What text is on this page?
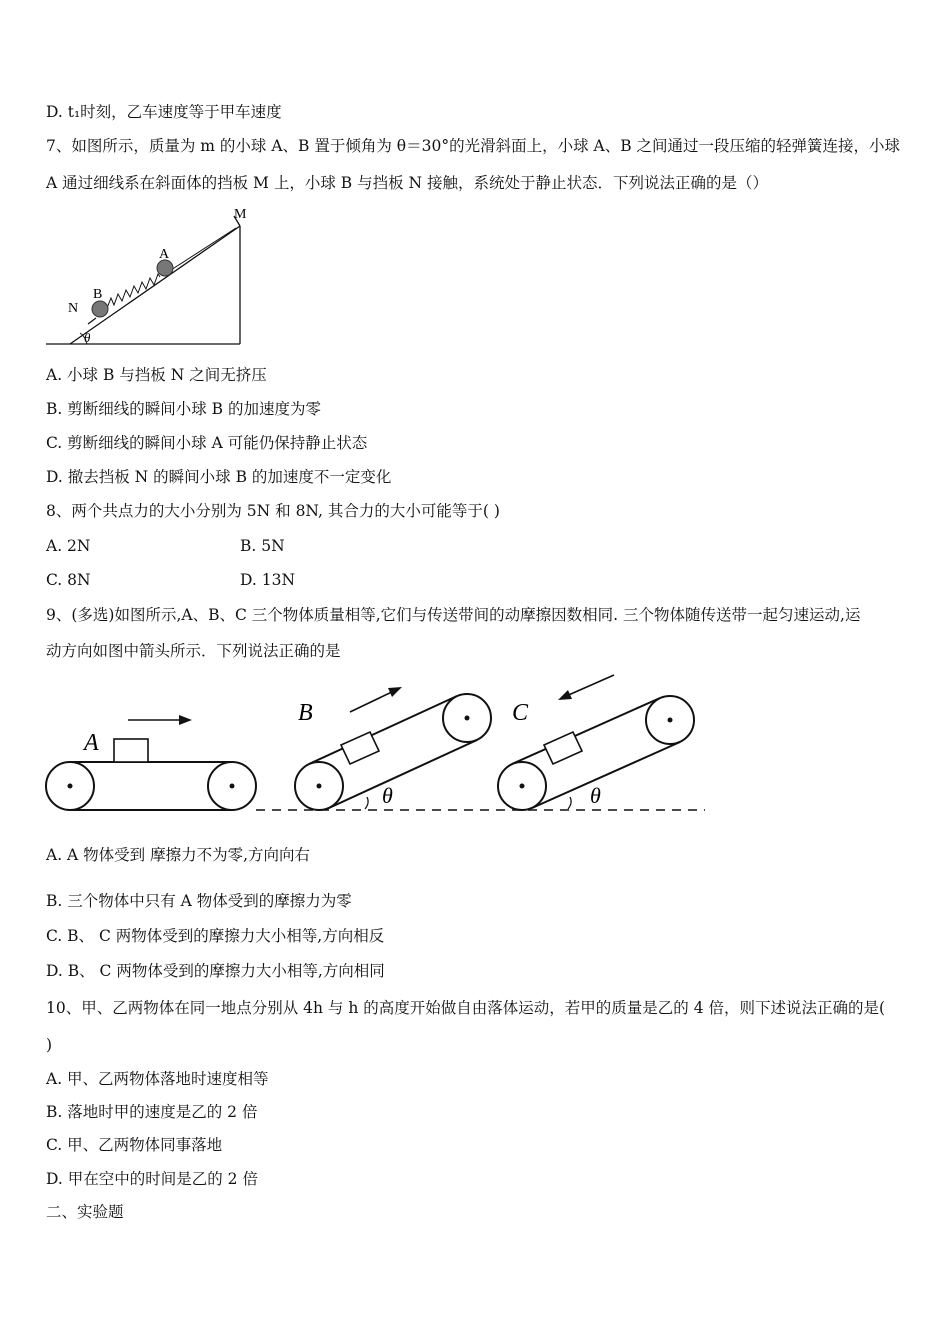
D. t₁时刻，乙车速度等于甲车速度
7、如图所示，质量为 m 的小球 A、B 置于倾角为 θ＝30°的光滑斜面上，小球 A、B 之间通过一段压缩的轻弹簧连接，小球
A 通过细线系在斜面体的挡板 M 上，小球 B 与挡板 N 接触，系统处于静止状态．下列说法正确的是（）
M
A
B
N
θ
A. 小球 B 与挡板 N 之间无挤压
B. 剪断细线的瞬间小球 B 的加速度为零
C. 剪断细线的瞬间小球 A 可能仍保持静止状态
D. 撤去挡板 N 的瞬间小球 B 的加速度不一定变化
8、两个共点力的大小分别为 5N 和 8N, 其合力的大小可能等于( )
A. 2N	B. 5N
C. 8N	D. 13N
9、(多选)如图所示,A、B、C 三个物体质量相等,它们与传送带间的动摩擦因数相同. 三个物体随传送带一起匀速运动,运
动方向如图中箭头所示．下列说法正确的是
A
B
θ
C
θ
A. A 物体受到 摩擦力不为零,方向向右
B. 三个物体中只有 A 物体受到的摩擦力为零
C. B、 C 两物体受到的摩擦力大小相等,方向相反
D. B、 C 两物体受到的摩擦力大小相等,方向相同
10、甲、乙两物体在同一地点分别从 4h 与 h 的高度开始做自由落体运动，若甲的质量是乙的 4 倍，则下述说法正确的是(
)
A. 甲、乙两物体落地时速度相等
B. 落地时甲的速度是乙的 2 倍
C. 甲、乙两物体同事落地
D. 甲在空中的时间是乙的 2 倍
二、实验题
